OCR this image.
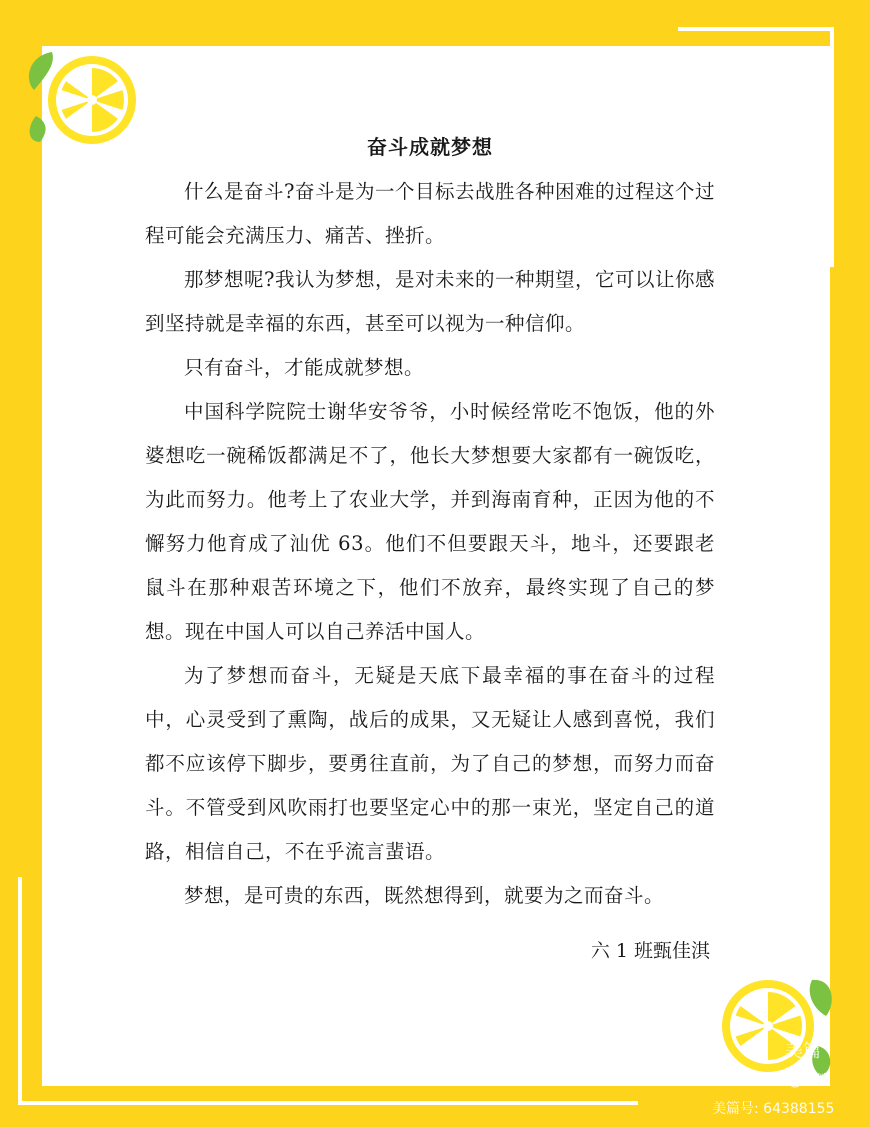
奋斗成就梦想

什么是奋斗?奋斗是为一个目标去战胜各种困难的过程这个过程可能会充满压力、痛苦、挫折。

那梦想呢?我认为梦想，是对未来的一种期望，它可以让你感到坚持就是幸福的东西，甚至可以视为一种信仰。

只有奋斗，才能成就梦想。

中国科学院院士谢华安爷爷，小时候经常吃不饱饭，他的外婆想吃一碗稀饭都满足不了，他长大梦想要大家都有一碗饭吃，为此而努力。他考上了农业大学，并到海南育种，正因为他的不懈努力他育成了汕优 63。他们不但要跟天斗，地斗，还要跟老鼠斗在那种艰苦环境之下，他们不放弃，最终实现了自己的梦想。现在中国人可以自己养活中国人。

为了梦想而奋斗，无疑是天底下最幸福的事在奋斗的过程中，心灵受到了熏陶，战后的成果，又无疑让人感到喜悦，我们都不应该停下脚步，要勇往直前，为了自己的梦想，而努力而奋斗。不管受到风吹雨打也要坚定心中的那一束光，坚定自己的道路，相信自己，不在乎流言蜚语。

梦想，是可贵的东西，既然想得到，就要为之而奋斗。

六 1 班甄佳淇
美篇
@美篇
美篇号: 64388155
